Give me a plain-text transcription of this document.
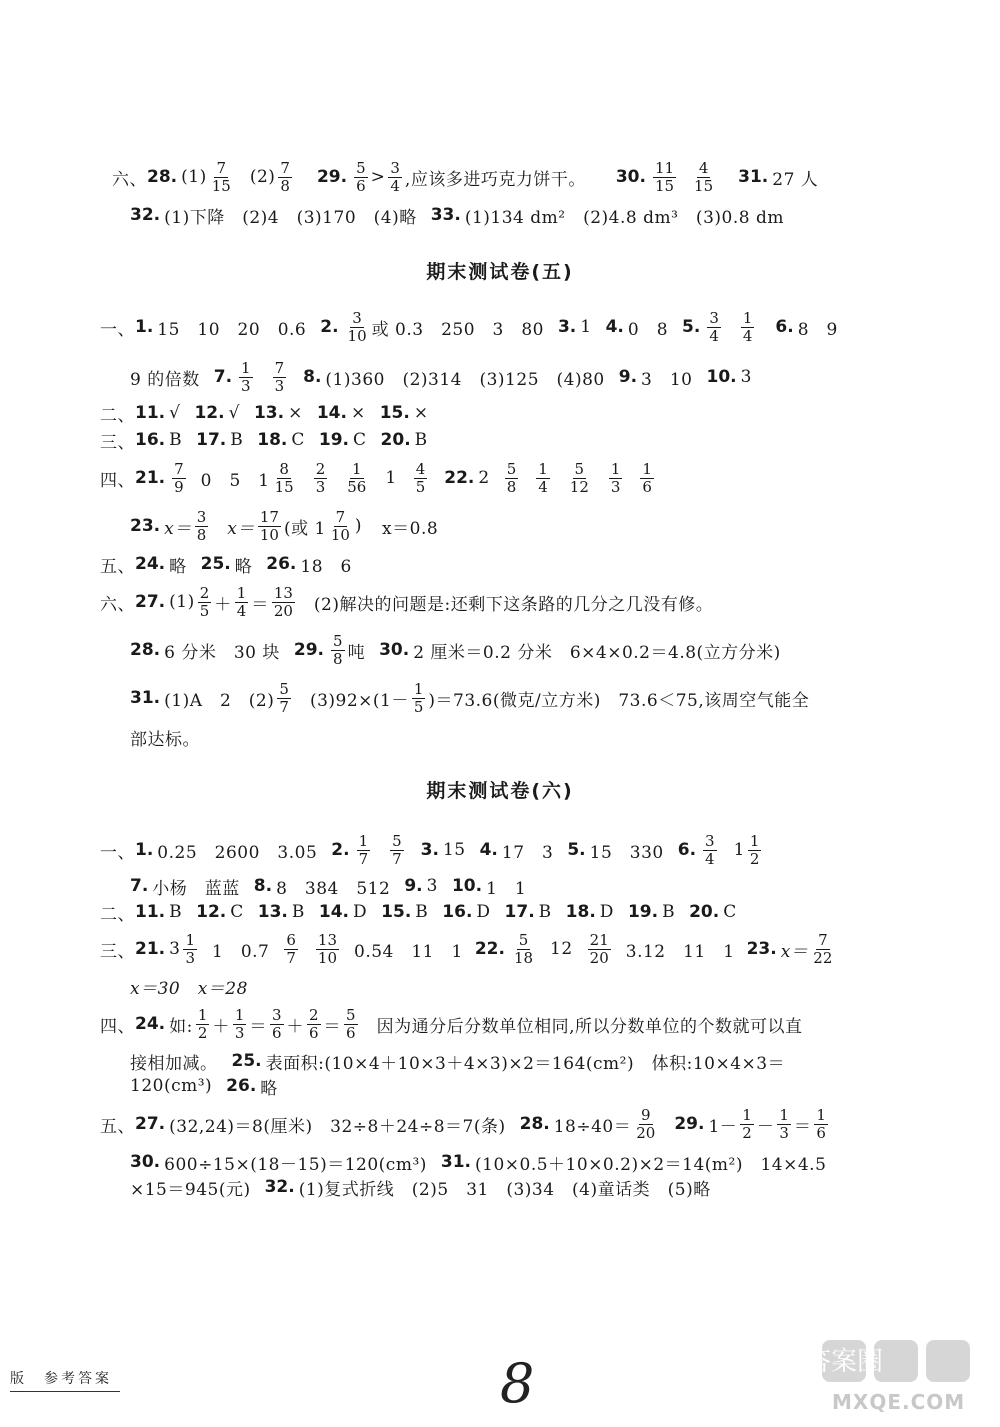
六、 28. $(1) \frac{7}{15} (2) \frac{7}{8} 29$. $\frac{5}{6} > \frac{3}{4}$ ,应该多进巧克力饼干。 30. $\frac{11}{15} \frac{4}{15} 31$. 27 人
32. (1)下降　(2)4　(3)170　(4)略 33. (1)134 dm²　(2)4.8 dm³　(3)0.8 dm
期末测试卷(五)
一、 1. 15　10　20　0.6 2. $\frac{3}{10}$ 或 0.3　250　3　80 3. 1 4. 0　8 5. $\frac{3}{4} \frac{1}{4} 6$. 8　9
9 的倍数 7. $\frac{1}{3} \frac{7}{3} 8$. (1)360　(2)314　(3)125　(4)80 9. 3　10 10. 3
二、 11. √ 12. √ 13. × 14. × 15. ×
三、 16. B 17. B 18. C 19. C 20. B
四、 21. $\frac{7}{9} 0$　5　$1 \frac{8}{15} \frac{2}{3} \frac{1}{56} 1 \frac{4}{5} 22$. $2 \frac{5}{8} \frac{1}{4} \frac{5}{12} \frac{1}{3} \frac{1}{6}$
23. $x= \frac{3}{8} x= \frac{17}{10}$ (或 $1 \frac{7}{10}$ ) x＝0.8
五、 24. 略 25. 略 26. 18　6
六、 27. $(1) \frac{2}{5} + \frac{1}{4} = \frac{13}{20} (2)$解决的问题是:还剩下这条路的几分之几没有修。
28. 6 分米　30 块 29. $\frac{5}{8}$ 吨 30. 2 厘米＝0.2 分米　6×4×0.2＝4.8(立方分米)
31. (1)A　2　$(2) \frac{5}{7} (3)92\times(1- \frac{1}{5} )=73.6$(微克/立方米)　73.6＜75,该周空气能全
部达标。
期末测试卷(六)
一、 1. 0.25　2600　3.05 2. $\frac{1}{7} \frac{5}{7} 3$. 15 4. 17　3 5. 15　330 6. $\frac{3}{4} 1 \frac{1}{2}$
7. 小杨　蓝蓝 8. 8　384　512 9. 3 10. 1　1
二、 11. B 12. C 13. B 14. D 15. B 16. D 17. B 18. D 19. B 20. C
三、 21. $3 \frac{1}{3} 1$　$0.7 \frac{6}{7} \frac{13}{10} 0.54$　11　1 22. $\frac{5}{18} 12 \frac{21}{20} 3.12$　11　1 23. $x= \frac{7}{22}$
x＝30　x＝28
四、 24. 如: $\frac{1}{2} + \frac{1}{3} = \frac{3}{6} + \frac{2}{6} = \frac{5}{6}$ 因为通分后分数单位相同,所以分数单位的个数就可以直
接相加减。 25. 表面积:(10×4＋10×3＋4×3)×2＝164(cm²)　体积:10×4×3＝
120(cm³) 26. 略
五、 27. (32,24)＝8(厘米)　32÷8＋24÷8＝7(条) 28. $18\div 40= \frac{9}{20} 29$. $1- \frac{1}{2} - \frac{1}{3} = \frac{1}{6}$
30. 600÷15×(18－15)＝120(cm³) 31. (10×0.5＋10×0.2)×2＝14(m²)　14×4.5
×15＝945(元) 32. (1)复式折线　(2)5　31　(3)34　(4)童话类　(5)略
版　参考答案	8	答案圈
MXQE.COM
